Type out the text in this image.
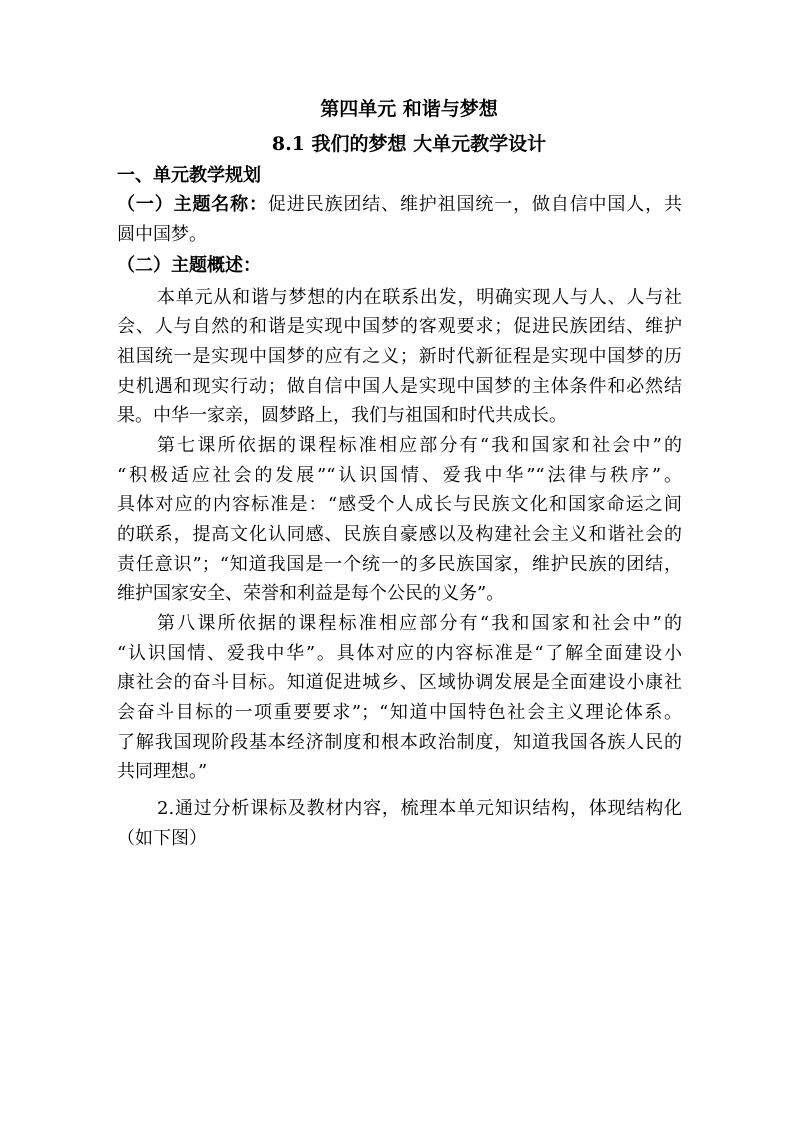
第四单元 和谐与梦想
8.1 我们的梦想 大单元教学设计
一、单元教学规划
（一）主题名称：促进民族团结、维护祖国统一，做自信中国人，共
圆中国梦。
（二）主题概述：
本单元从和谐与梦想的内在联系出发，明确实现人与人、人与社
会、人与自然的和谐是实现中国梦的客观要求；促进民族团结、维护
祖国统一是实现中国梦的应有之义；新时代新征程是实现中国梦的历
史机遇和现实行动；做自信中国人是实现中国梦的主体条件和必然结
果。中华一家亲，圆梦路上，我们与祖国和时代共成长。
第七课所依据的课程标准相应部分有“我和国家和社会中”的
“积极适应社会的发展”“认识国情、爱我中华”“法律与秩序”。
具体对应的内容标准是：“感受个人成长与民族文化和国家命运之间
的联系，提高文化认同感、民族自豪感以及构建社会主义和谐社会的
责任意识”；“知道我国是一个统一的多民族国家，维护民族的团结，
维护国家安全、荣誉和利益是每个公民的义务”。
第八课所依据的课程标准相应部分有“我和国家和社会中”的
“认识国情、爱我中华”。具体对应的内容标准是“了解全面建设小
康社会的奋斗目标。知道促进城乡、区域协调发展是全面建设小康社
会奋斗目标的一项重要要求”；“知道中国特色社会主义理论体系。
了解我国现阶段基本经济制度和根本政治制度，知道我国各族人民的
共同理想。”
2.通过分析课标及教材内容，梳理本单元知识结构，体现结构化
（如下图）
